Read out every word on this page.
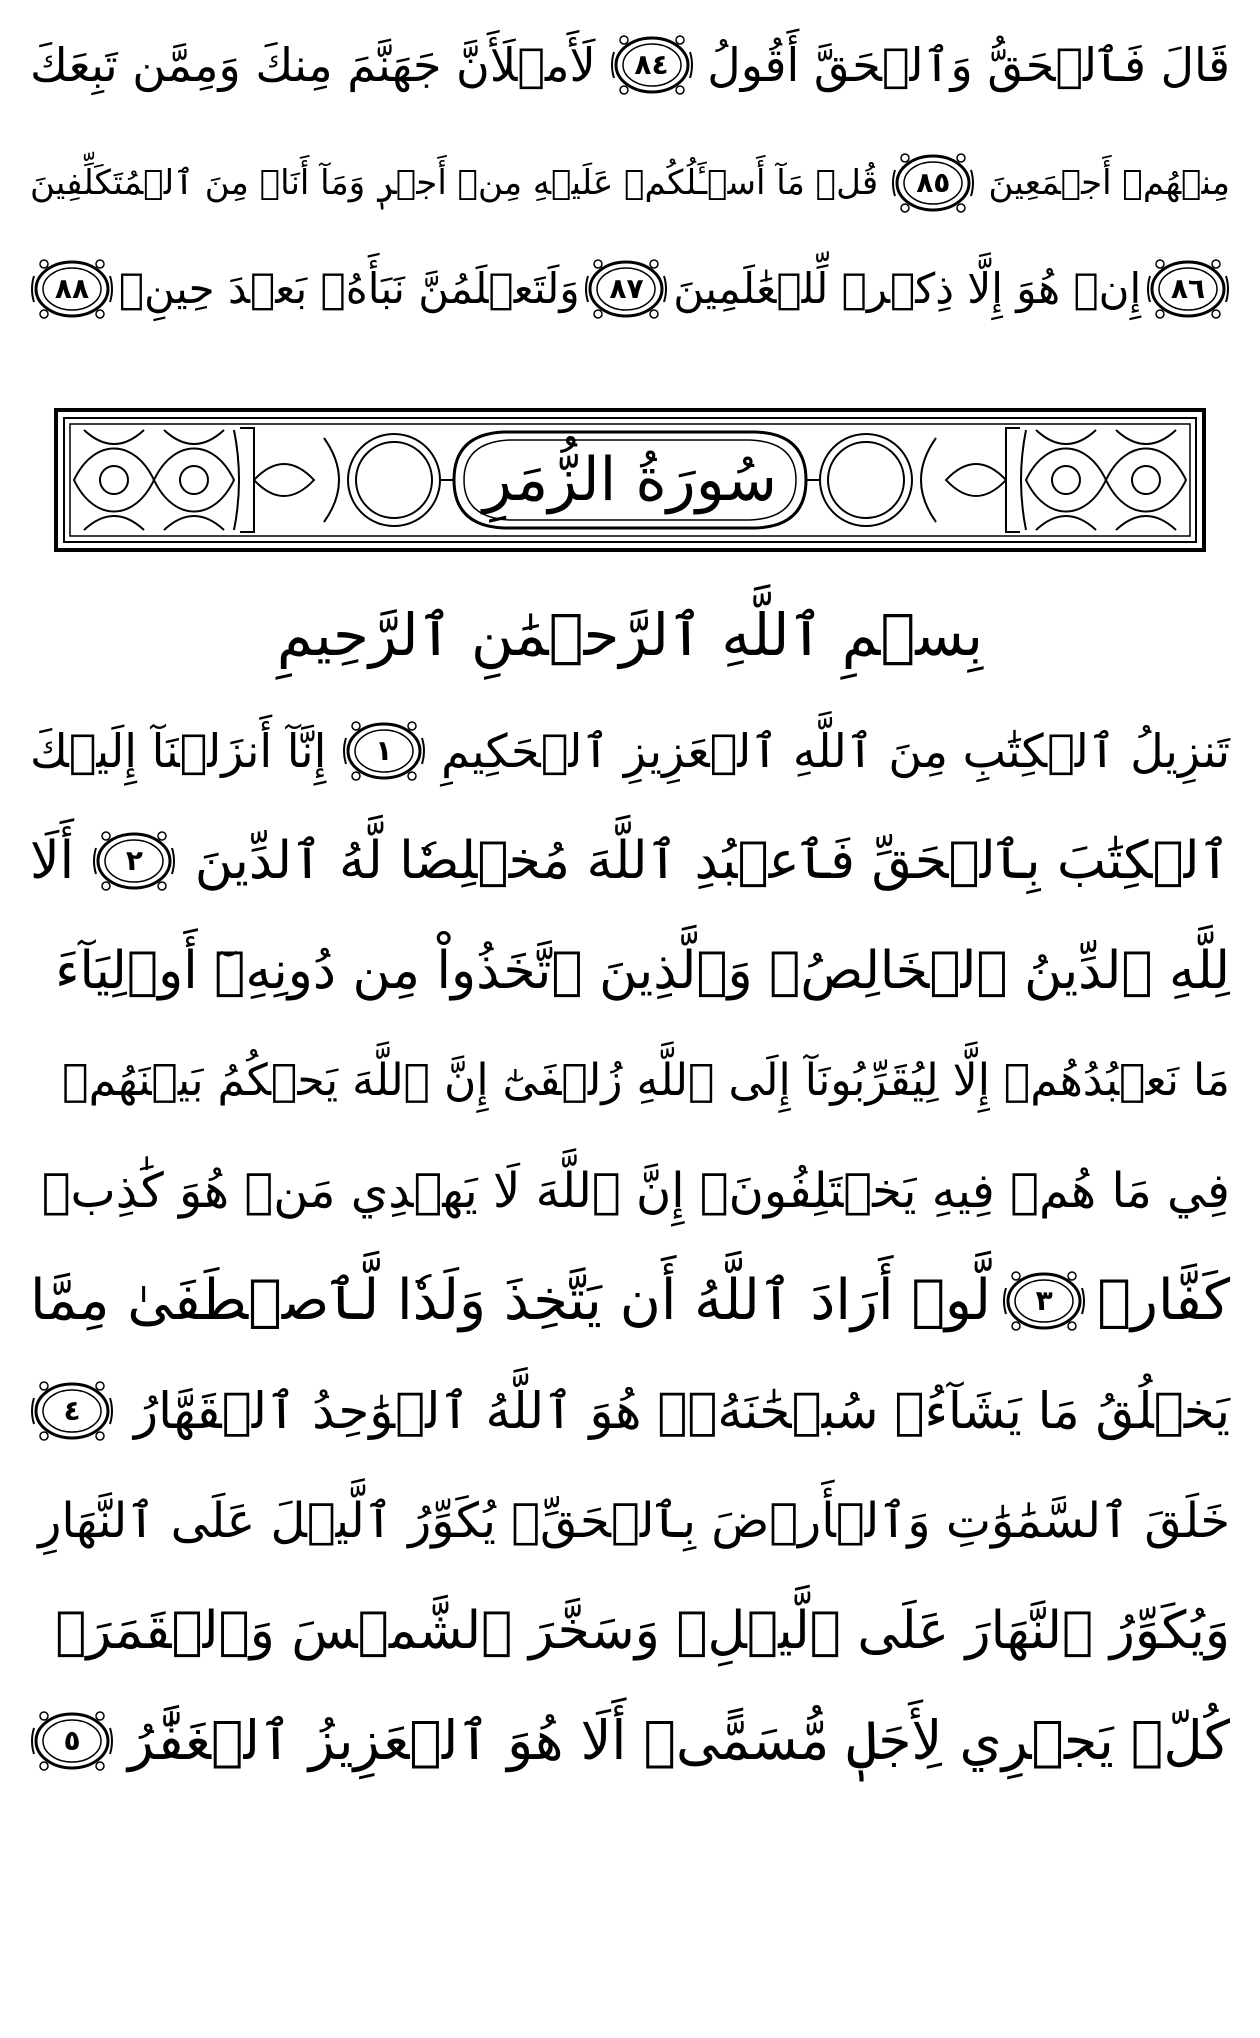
قَالَ فَٱلۡحَقُّ وَٱلۡحَقَّ أَقُولُ
٨٤
لَأَمۡلَأَنَّ جَهَنَّمَ مِنكَ وَمِمَّن تَبِعَكَ
مِنۡهُمۡ أَجۡمَعِينَ
٨٥
قُلۡ مَآ أَسۡـَٔلُكُمۡ عَلَيۡهِ مِنۡ أَجۡرٖ وَمَآ أَنَا۠ مِنَ ٱلۡمُتَكَلِّفِينَ
٨٦
إِنۡ هُوَ إِلَّا ذِكۡرٞ لِّلۡعَٰلَمِينَ
٨٧
وَلَتَعۡلَمُنَّ نَبَأَهُۥ بَعۡدَ حِينِۭ
٨٨
سُورَةُ الزُّمَرِ
بِسۡمِ ٱللَّهِ ٱلرَّحۡمَٰنِ ٱلرَّحِيمِ
تَنزِيلُ ٱلۡكِتَٰبِ مِنَ ٱللَّهِ ٱلۡعَزِيزِ ٱلۡحَكِيمِ
١
إِنَّآ أَنزَلۡنَآ إِلَيۡكَ
ٱلۡكِتَٰبَ بِٱلۡحَقِّ فَٱعۡبُدِ ٱللَّهَ مُخۡلِصٗا لَّهُ ٱلدِّينَ
٢
أَلَا
لِلَّهِ ٱلدِّينُ ٱلۡخَالِصُۚ وَٱلَّذِينَ ٱتَّخَذُواْ مِن دُونِهِۦٓ أَوۡلِيَآءَ
مَا نَعۡبُدُهُمۡ إِلَّا لِيُقَرِّبُونَآ إِلَى ٱللَّهِ زُلۡفَىٰٓ إِنَّ ٱللَّهَ يَحۡكُمُ بَيۡنَهُمۡ
فِي مَا هُمۡ فِيهِ يَخۡتَلِفُونَۗ إِنَّ ٱللَّهَ لَا يَهۡدِي مَنۡ هُوَ كَٰذِبٞ
كَفَّارٞ
٣
لَّوۡ أَرَادَ ٱللَّهُ أَن يَتَّخِذَ وَلَدٗا لَّٱصۡطَفَىٰ مِمَّا
يَخۡلُقُ مَا يَشَآءُۚ سُبۡحَٰنَهُۥۖ هُوَ ٱللَّهُ ٱلۡوَٰحِدُ ٱلۡقَهَّارُ
٤
خَلَقَ ٱلسَّمَٰوَٰتِ وَٱلۡأَرۡضَ بِٱلۡحَقِّۖ يُكَوِّرُ ٱلَّيۡلَ عَلَى ٱلنَّهَارِ
وَيُكَوِّرُ ٱلنَّهَارَ عَلَى ٱلَّيۡلِۖ وَسَخَّرَ ٱلشَّمۡسَ وَٱلۡقَمَرَۖ
كُلّٞ يَجۡرِي لِأَجَلٖ مُّسَمًّىۗ أَلَا هُوَ ٱلۡعَزِيزُ ٱلۡغَفَّٰرُ
٥
